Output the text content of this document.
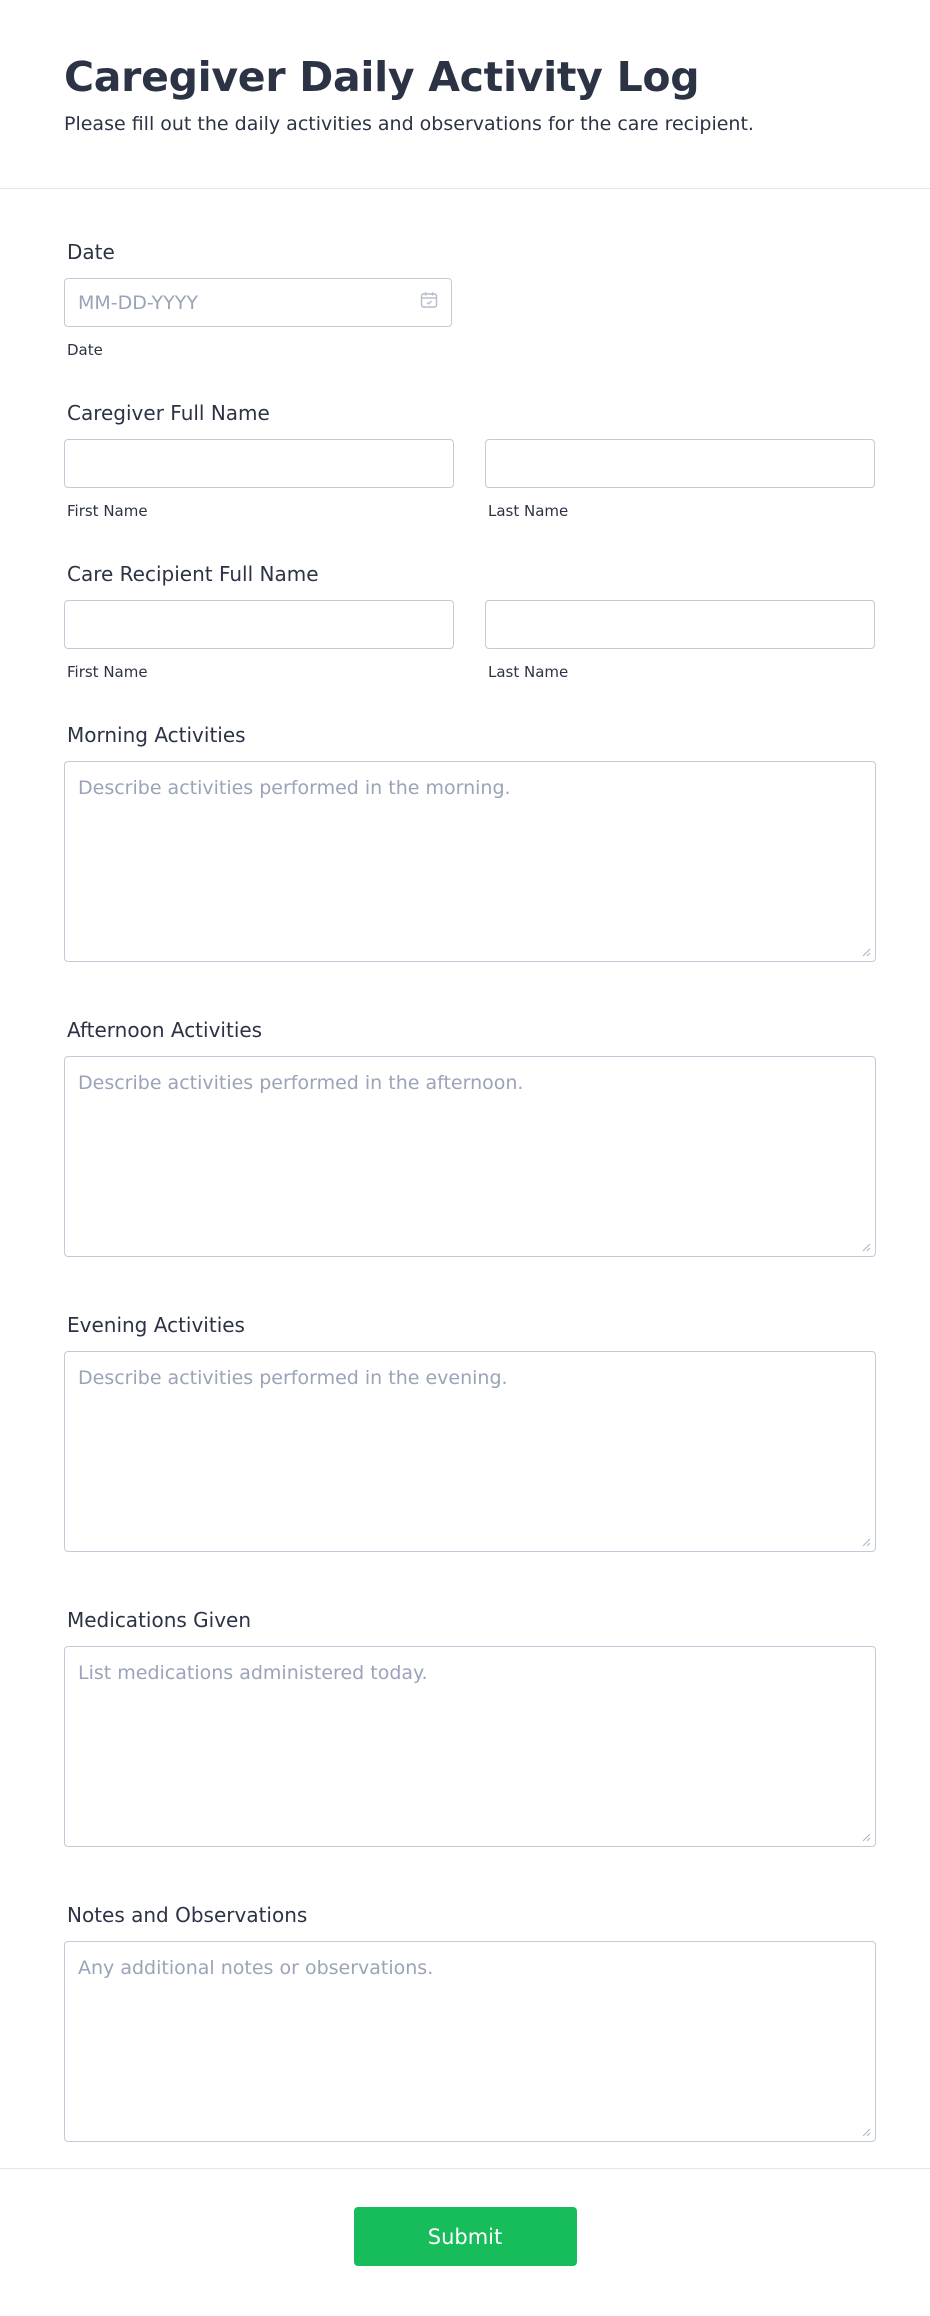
Caregiver Daily Activity Log
Please fill out the daily activities and observations for the care recipient.
Date
MM-DD-YYYY
Date
Caregiver Full Name
First Name	Last Name
Care Recipient Full Name
First Name	Last Name
Morning Activities
Describe activities performed in the morning.
Afternoon Activities
Describe activities performed in the afternoon.
Evening Activities
Describe activities performed in the evening.
Medications Given
List medications administered today.
Notes and Observations
Any additional notes or observations.
Submit
